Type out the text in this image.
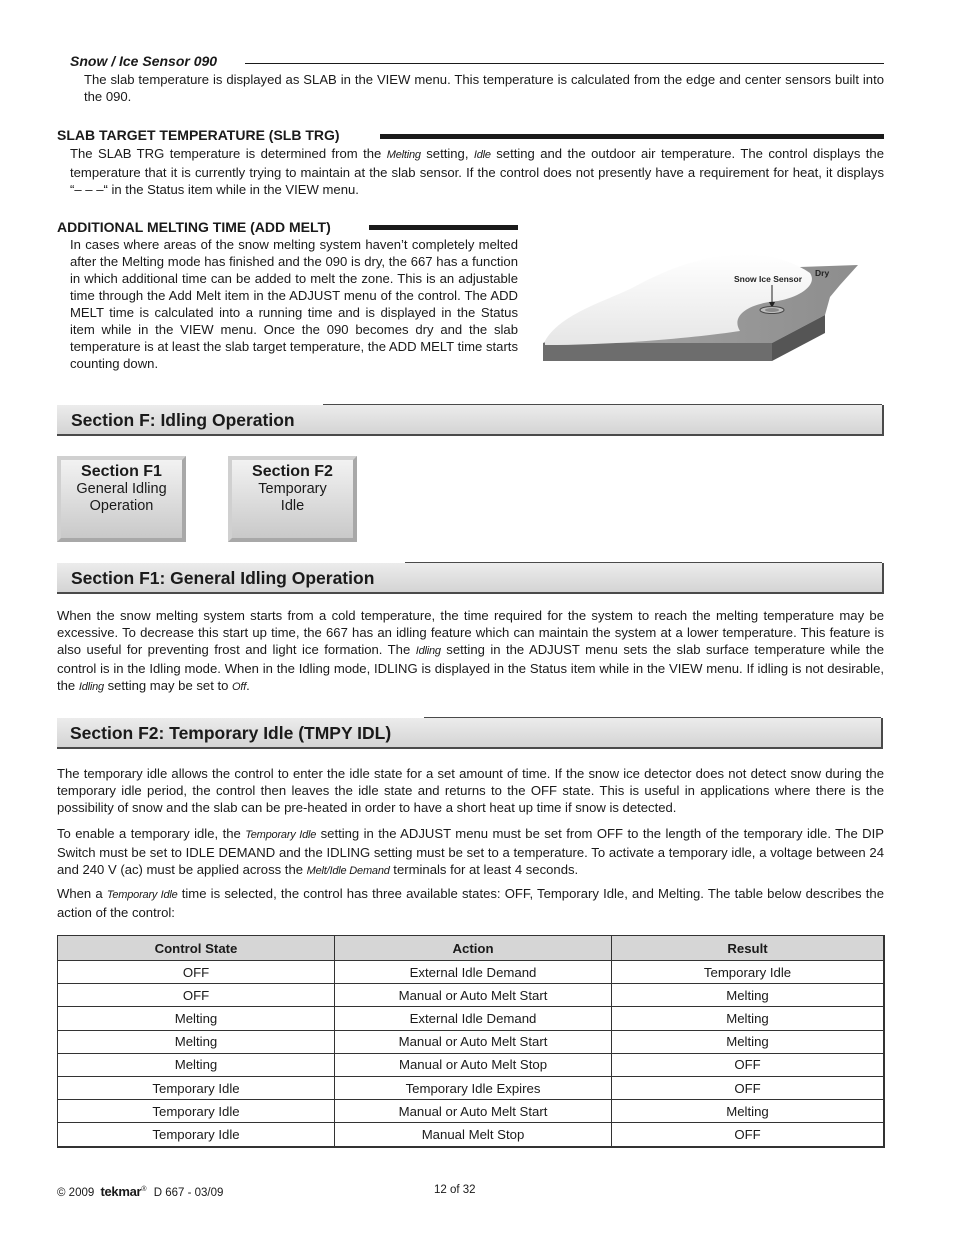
Snow / Ice Sensor 090

The slab temperature is displayed as SLAB in the VIEW menu. This temperature is calculated from the edge and center sensors built into the 090.

SLAB TARGET TEMPERATURE (SLB TRG)

The SLAB TRG temperature is determined from the Melting setting, Idle setting and the outdoor air temperature. The control displays the temperature that it is currently trying to maintain at the slab sensor. If the control does not presently have a requirement for heat, it displays “– – –“ in the Status item while in the VIEW menu.

ADDITIONAL MELTING TIME (ADD MELT)

In cases where areas of the snow melting system haven’t completely melted after the Melting mode has finished and the 090 is dry, the 667 has a function in which additional time can be added to melt the zone. This is an adjustable time through the Add Melt item in the ADJUST menu of the control. The ADD MELT time is calculated into a running time and is displayed in the Status item while in the VIEW menu. Once the 090 becomes dry and the slab temperature is at least the slab target temperature, the ADD MELT time starts counting down.

Snow Ice Sensor
Dry
Section F: Idling Operation
Section F1
General Idling
Operation
Section F2
Temporary
Idle
Section F1: General Idling Operation

When the snow melting system starts from a cold temperature, the time required for the system to reach the melting temperature may be excessive. To decrease this start up time, the 667 has an idling feature which can maintain the system at a lower temperature. This feature is also useful for preventing frost and light ice formation. The Idling setting in the ADJUST menu sets the slab surface temperature while the control is in the Idling mode. When in the Idling mode, IDLING is displayed in the Status item while in the VIEW menu. If idling is not desirable, the Idling setting may be set to Off.

Section F2: Temporary Idle (TMPY IDL)

The temporary idle allows the control to enter the idle state for a set amount of time. If the snow ice detector does not detect snow during the temporary idle period, the control then leaves the idle state and returns to the OFF state. This is useful in applications where there is the possibility of snow and the slab can be pre-heated in order to have a short heat up time if snow is detected.

To enable a temporary idle, the Temporary Idle setting in the ADJUST menu must be set from OFF to the length of the temporary idle. The DIP Switch must be set to IDLE DEMAND and the IDLING setting must be set to a temperature. To activate a temporary idle, a voltage between 24 and 240 V (ac) must be applied across the Melt/Idle Demand terminals for at least 4 seconds.

When a Temporary Idle time is selected, the control has three available states: OFF, Temporary Idle, and Melting. The table below describes the action of the control:

Control State	Action	Result
OFF	External Idle Demand	Temporary Idle
OFF	Manual or Auto Melt Start	Melting
Melting	External Idle Demand	Melting
Melting	Manual or Auto Melt Start	Melting
Melting	Manual or Auto Melt Stop	OFF
Temporary Idle	Temporary Idle Expires	OFF
Temporary Idle	Manual or Auto Melt Start	Melting
Temporary Idle	Manual Melt Stop	OFF
© 2009 tekmar® D 667 - 03/09	12 of 32
